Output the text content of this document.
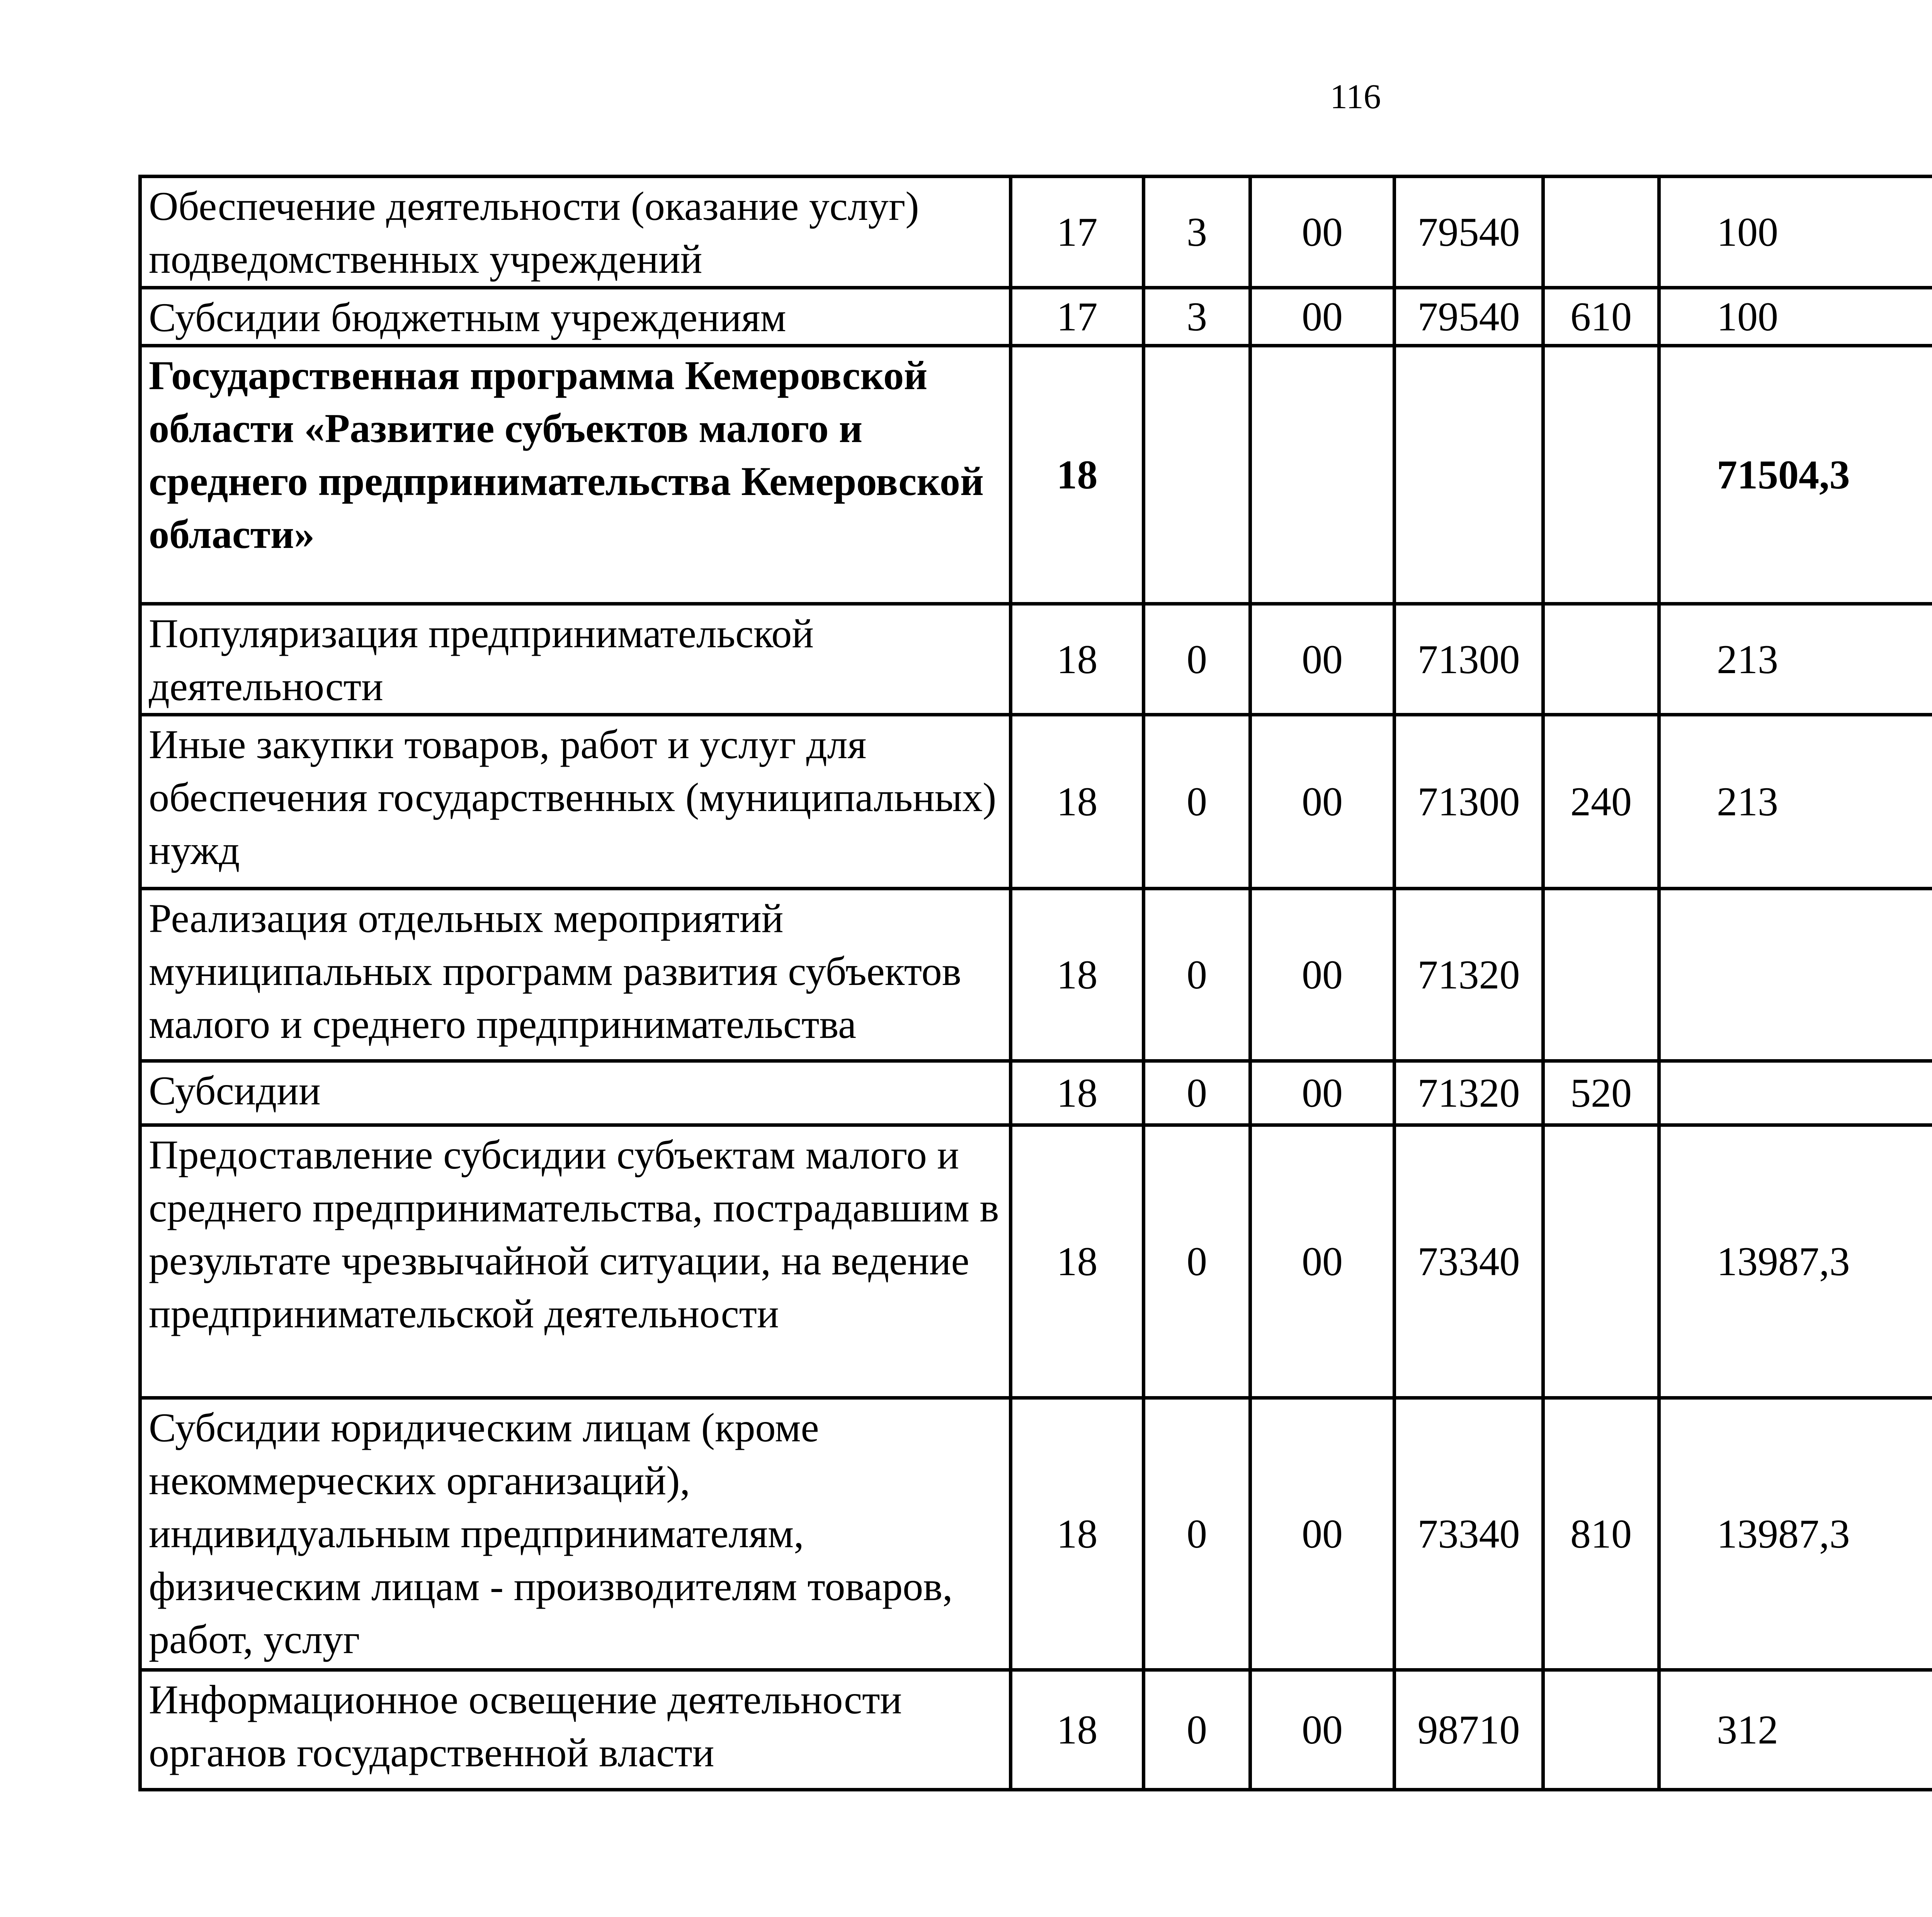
116
Обеспечение деятельности (оказание услуг) подведомственных учреждений	17	3	00	79540		100		
Субсидии бюджетным учреждениям	17	3	00	79540	610	100		
Государственная программа Кемеровской области «Развитие субъектов малого и среднего предпринимательства Кемеровской области»	18					71504,3		
Популяризация предпринимательской деятельности	18	0	00	71300		213		
Иные закупки товаров, работ и услуг для обеспечения государственных (муниципальных) нужд	18	0	00	71300	240	213		
Реализация отдельных мероприятий муниципальных программ развития субъектов малого и среднего предпринимательства	18	0	00	71320				
Субсидии	18	0	00	71320	520			
Предоставление субсидии субъектам малого и среднего предпринимательства, пострадавшим в результате чрезвычайной ситуации, на ведение предпринимательской деятельности	18	0	00	73340		13987,3		
Субсидии юридическим лицам (кроме некоммерческих организаций), индивидуальным предпринимателям, физическим лицам - производителям товаров, работ, услуг	18	0	00	73340	810	13987,3		
Информационное освещение деятельности органов государственной власти	18	0	00	98710		312		
